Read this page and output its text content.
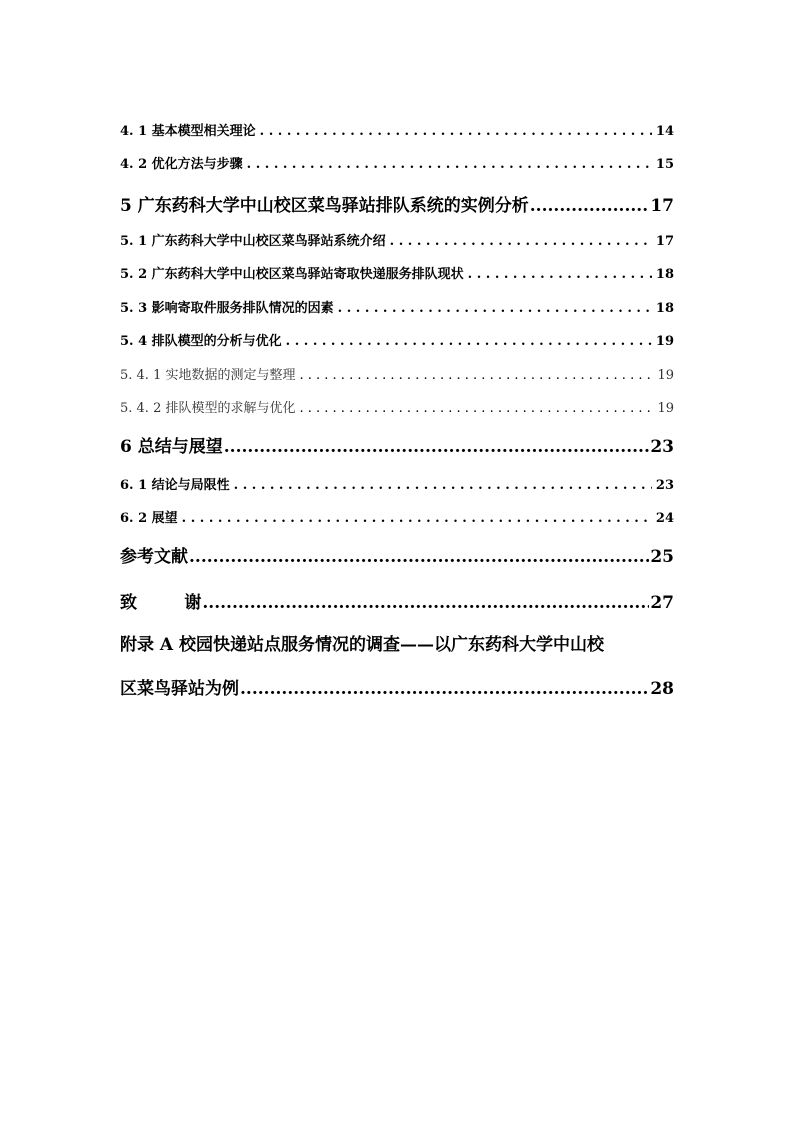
4. 1 基本模型相关理论 . . .	14
4. 2 优化方法与步骤 . . .	15
5 广东药科大学中山校区菜鸟驿站排队系统的实例分析 .....	17
5. 1 广东药科大学中山校区菜鸟驿站系统介绍 . . .	17
5. 2 广东药科大学中山校区菜鸟驿站寄取快递服务排队现状 . . .	18
5. 3 影响寄取件服务排队情况的因素 . . .	18
5. 4 排队模型的分析与优化 . . .	19
5. 4. 1 实地数据的测定与整理 . . .	19
5. 4. 2 排队模型的求解与优化 . . .	19
6 总结与展望 .....	23
6. 1 结论与局限性 . . .	23
6. 2 展望 . . .	24
参考文献 .....	25
致        谢 .....	27
附录 A 校园快递站点服务情况的调查——以广东药科大学中山校
区菜鸟驿站为例 .....	28
